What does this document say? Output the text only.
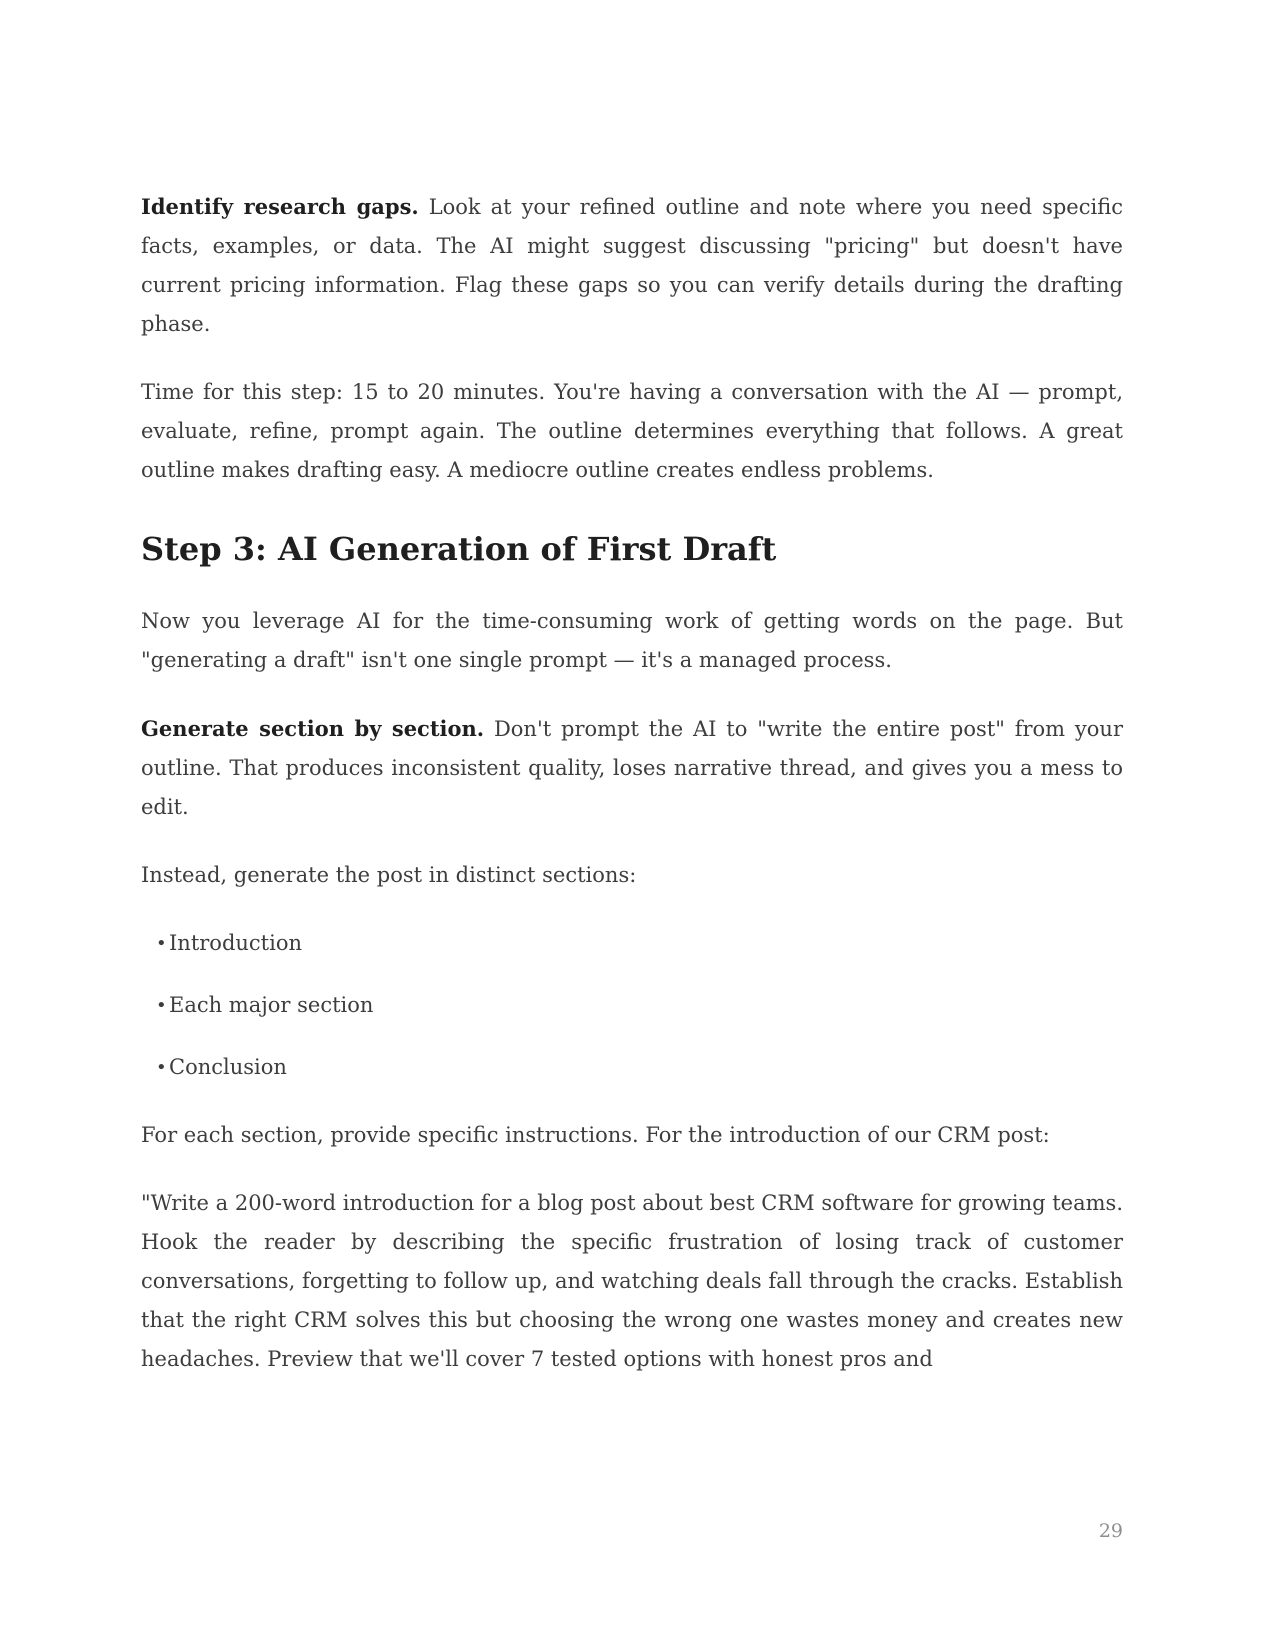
Identify research gaps. Look at your refined outline and note where you need specific facts, examples, or data. The AI might suggest discussing "pricing" but doesn't have current pricing information. Flag these gaps so you can verify details during the drafting phase.

Time for this step: 15 to 20 minutes. You're having a conversation with the AI — prompt, evaluate, refine, prompt again. The outline determines everything that follows. A great outline makes drafting easy. A mediocre outline creates endless problems.

Step 3: AI Generation of First Draft

Now you leverage AI for the time-consuming work of getting words on the page. But "generating a draft" isn't one single prompt — it's a managed process.

Generate section by section. Don't prompt the AI to "write the entire post" from your outline. That produces inconsistent quality, loses narrative thread, and gives you a mess to edit.

Instead, generate the post in distinct sections:

• Introduction
• Each major section
• Conclusion

For each section, provide specific instructions. For the introduction of our CRM post:

"Write a 200-word introduction for a blog post about best CRM software for growing teams. Hook the reader by describing the specific frustration of losing track of customer conversations, forgetting to follow up, and watching deals fall through the cracks. Establish that the right CRM solves this but choosing the wrong one wastes money and creates new headaches. Preview that we'll cover 7 tested options with honest pros and

29
